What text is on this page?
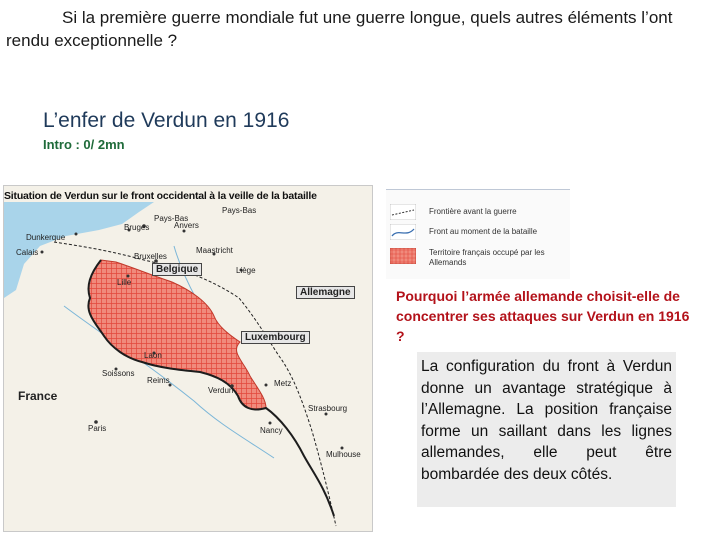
Si la première guerre mondiale fut une guerre longue, quels autres éléments l’ont rendu exceptionnelle ?
L’enfer de Verdun en 1916
Intro : 0/ 2mn
Situation de Verdun sur le front occidental à la veille de la bataille
Pays-Bas
Pays-Bas
Bruges	Anvers
Dunkerque
Calais	Bruxelles
Maastricht
Belgique
Lille
Liège
Allemagne
Luxembourg
Laon
Soissons
Reims	Metz
Verdun
France
Paris	Nancy
Strasbourg
Mulhouse
Frontière avant la guerre
Front au moment de la bataille
Territoire français occupé par les Allemands
Pourquoi l’armée allemande choisit-elle de concentrer ses attaques sur Verdun en 1916 ?

La configuration du front à Verdun donne un avantage stratégique à l’Allemagne. La position française forme un saillant dans les lignes allemandes, elle peut être bombardée des deux côtés.
